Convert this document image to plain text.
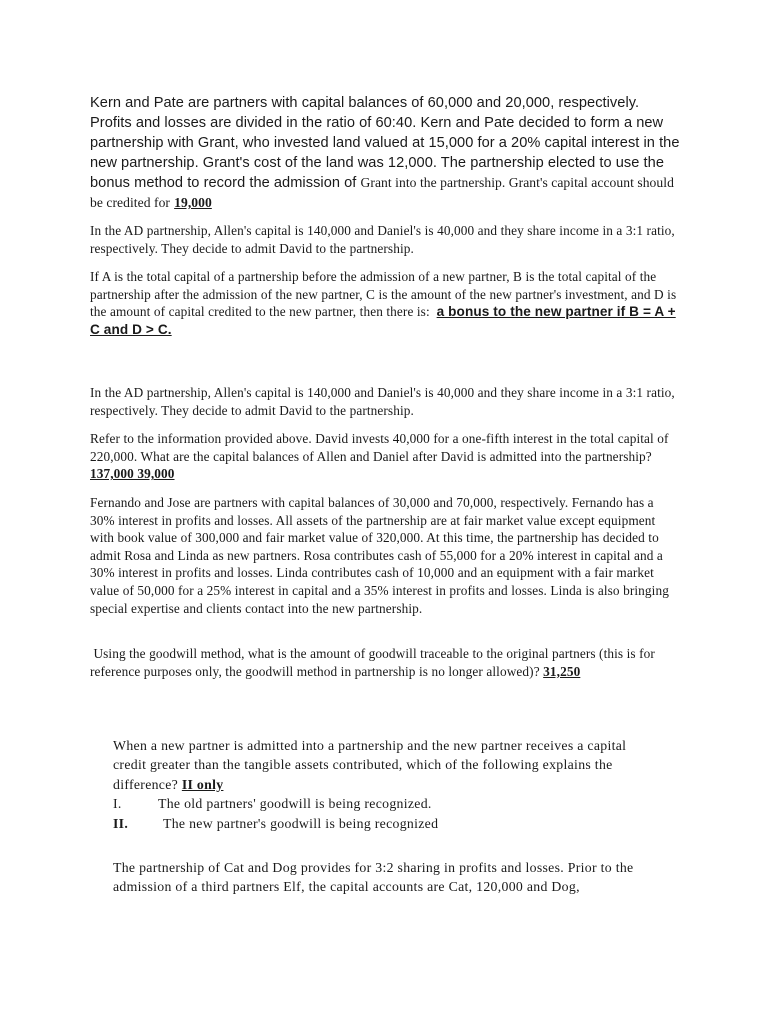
Kern and Pate are partners with capital balances of 60,000 and 20,000, respectively. Profits and losses are divided in the ratio of 60:40. Kern and Pate decided to form a new partnership with Grant, who invested land valued at 15,000 for a 20% capital interest in the new partnership. Grant's cost of the land was 12,000. The partnership elected to use the bonus method to record the admission of Grant into the partnership. Grant's capital account should be credited for 19,000

In the AD partnership, Allen's capital is 140,000 and Daniel's is 40,000 and they share income in a 3:1 ratio, respectively. They decide to admit David to the partnership.

If A is the total capital of a partnership before the admission of a new partner, B is the total capital of the partnership after the admission of the new partner, C is the amount of the new partner's investment, and D is the amount of capital credited to the new partner, then there is: a bonus to the new partner if B = A + C and D > C.

In the AD partnership, Allen's capital is 140,000 and Daniel's is 40,000 and they share income in a 3:1 ratio, respectively. They decide to admit David to the partnership.

Refer to the information provided above. David invests 40,000 for a one-fifth interest in the total capital of 220,000. What are the capital balances of Allen and Daniel after David is admitted into the partnership? 137,000 39,000

Fernando and Jose are partners with capital balances of 30,000 and 70,000, respectively. Fernando has a 30% interest in profits and losses. All assets of the partnership are at fair market value except equipment with book value of 300,000 and fair market value of 320,000. At this time, the partnership has decided to admit Rosa and Linda as new partners. Rosa contributes cash of 55,000 for a 20% interest in capital and a 30% interest in profits and losses. Linda contributes cash of 10,000 and an equipment with a fair market value of 50,000 for a 25% interest in capital and a 35% interest in profits and losses. Linda is also bringing special expertise and clients contact into the new partnership.

Using the goodwill method, what is the amount of goodwill traceable to the original partners (this is for reference purposes only, the goodwill method in partnership is no longer allowed)? 31,250

When a new partner is admitted into a partnership and the new partner receives a capital credit greater than the tangible assets contributed, which of the following explains the difference? II only
I.	The old partners' goodwill is being recognized.
II.	The new partner's goodwill is being recognized
The partnership of Cat and Dog provides for 3:2 sharing in profits and losses. Prior to the admission of a third partners Elf, the capital accounts are Cat, 120,000 and Dog,
